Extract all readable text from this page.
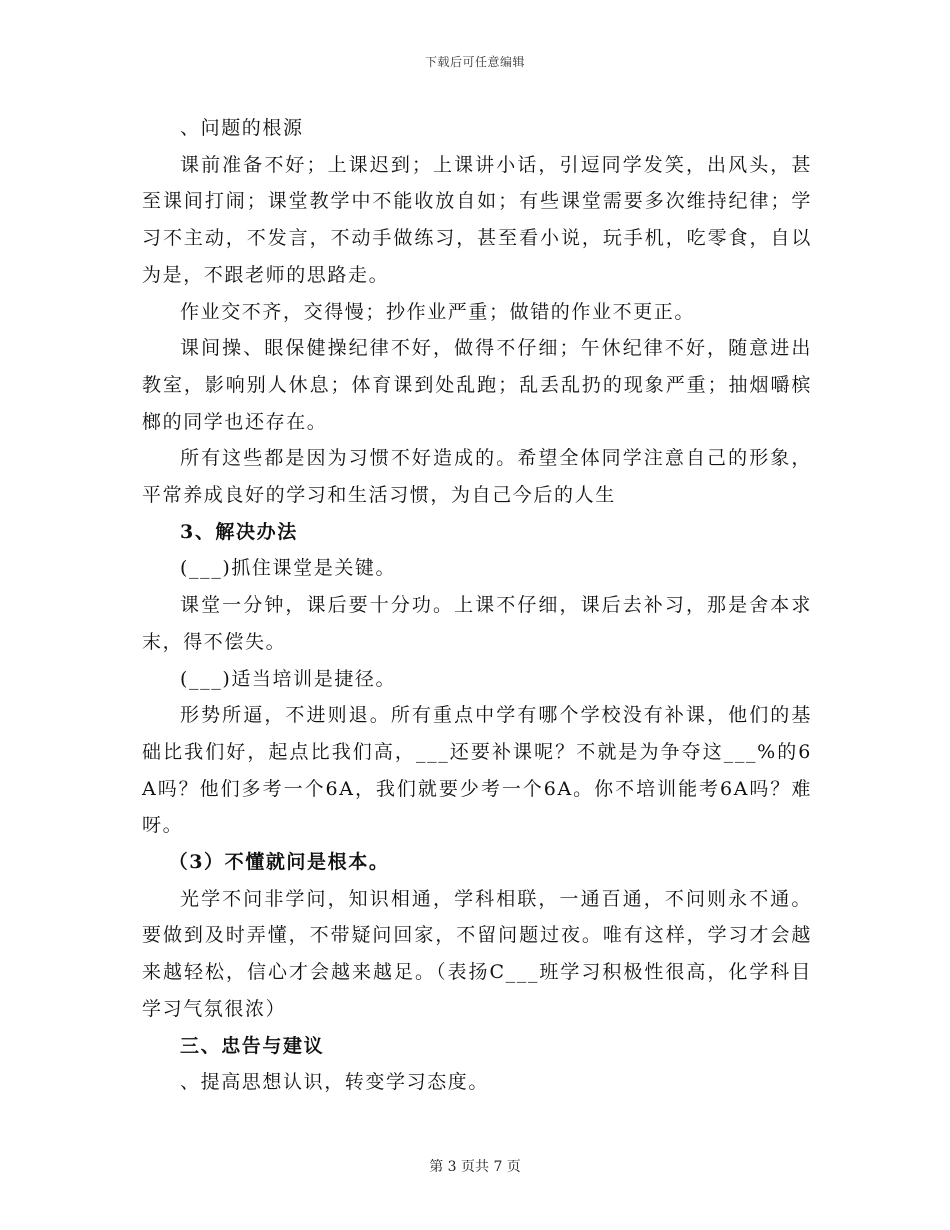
下载后可任意编辑

、问题的根源

课前准备不好；上课迟到；上课讲小话，引逗同学发笑，出风头，甚至课间打闹；课堂教学中不能收放自如；有些课堂需要多次维持纪律；学习不主动，不发言，不动手做练习，甚至看小说，玩手机，吃零食，自以为是，不跟老师的思路走。

作业交不齐，交得慢；抄作业严重；做错的作业不更正。

课间操、眼保健操纪律不好，做得不仔细；午休纪律不好，随意进出教室，影响别人休息；体育课到处乱跑；乱丢乱扔的现象严重；抽烟嚼槟榔的同学也还存在。

所有这些都是因为习惯不好造成的。希望全体同学注意自己的形象，平常养成良好的学习和生活习惯，为自己今后的人生

3、解决办法

(___)抓住课堂是关键。

课堂一分钟，课后要十分功。上课不仔细，课后去补习，那是舍本求末，得不偿失。

(___)适当培训是捷径。

形势所逼，不进则退。所有重点中学有哪个学校没有补课，他们的基础比我们好，起点比我们高，___还要补课呢？不就是为争夺这___%的6A吗？他们多考一个6A，我们就要少考一个6A。你不培训能考6A吗？难呀。

（3）不懂就问是根本。

光学不问非学问，知识相通，学科相联，一通百通，不问则永不通。要做到及时弄懂，不带疑问回家，不留问题过夜。唯有这样，学习才会越来越轻松，信心才会越来越足。（表扬C___班学习积极性很高，化学科目学习气氛很浓）

三、忠告与建议

、提高思想认识，转变学习态度。

第 3 页共 7 页
